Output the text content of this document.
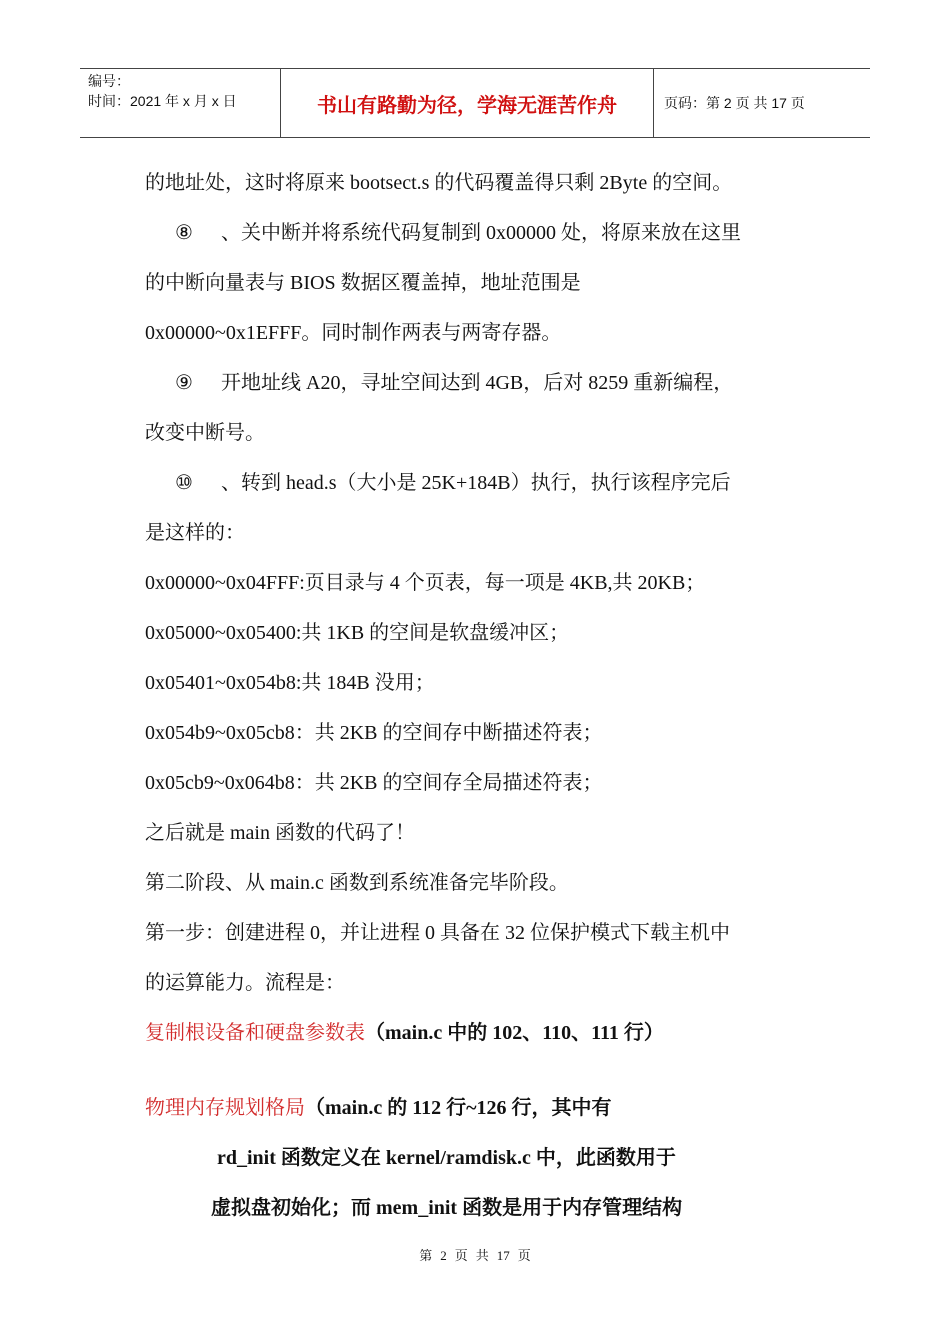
编号：
时间：2021 年 x 月 x 日	书山有路勤为径，学海无涯苦作舟	页码：第 2 页 共 17 页
的地址处，这时将原来 bootsect.s 的代码覆盖得只剩 2Byte 的空间。
⑧ 、关中断并将系统代码复制到 0x00000 处，将原来放在这里
的中断向量表与 BIOS 数据区覆盖掉，地址范围是
0x00000~0x1EFFF。同时制作两表与两寄存器。
⑨ 开地址线 A20，寻址空间达到 4GB，后对 8259 重新编程，
改变中断号。
⑩ 、转到 head.s（大小是 25K+184B）执行，执行该程序完后
是这样的：
0x00000~0x04FFF:页目录与 4 个页表，每一项是 4KB,共 20KB；
0x05000~0x05400:共 1KB 的空间是软盘缓冲区；
0x05401~0x054b8:共 184B 没用；
0x054b9~0x05cb8：共 2KB 的空间存中断描述符表；
0x05cb9~0x064b8：共 2KB 的空间存全局描述符表；
之后就是 main 函数的代码了！
第二阶段、从 main.c 函数到系统准备完毕阶段。
第一步：创建进程 0，并让进程 0 具备在 32 位保护模式下载主机中
的运算能力。流程是：
复制根设备和硬盘参数表（main.c 中的 102、110、111 行）
物理内存规划格局（main.c 的 112 行~126 行，其中有
rd_init 函数定义在 kernel/ramdisk.c 中，此函数用于
虚拟盘初始化；而 mem_init 函数是用于内存管理结构
第 2 页 共 17 页
